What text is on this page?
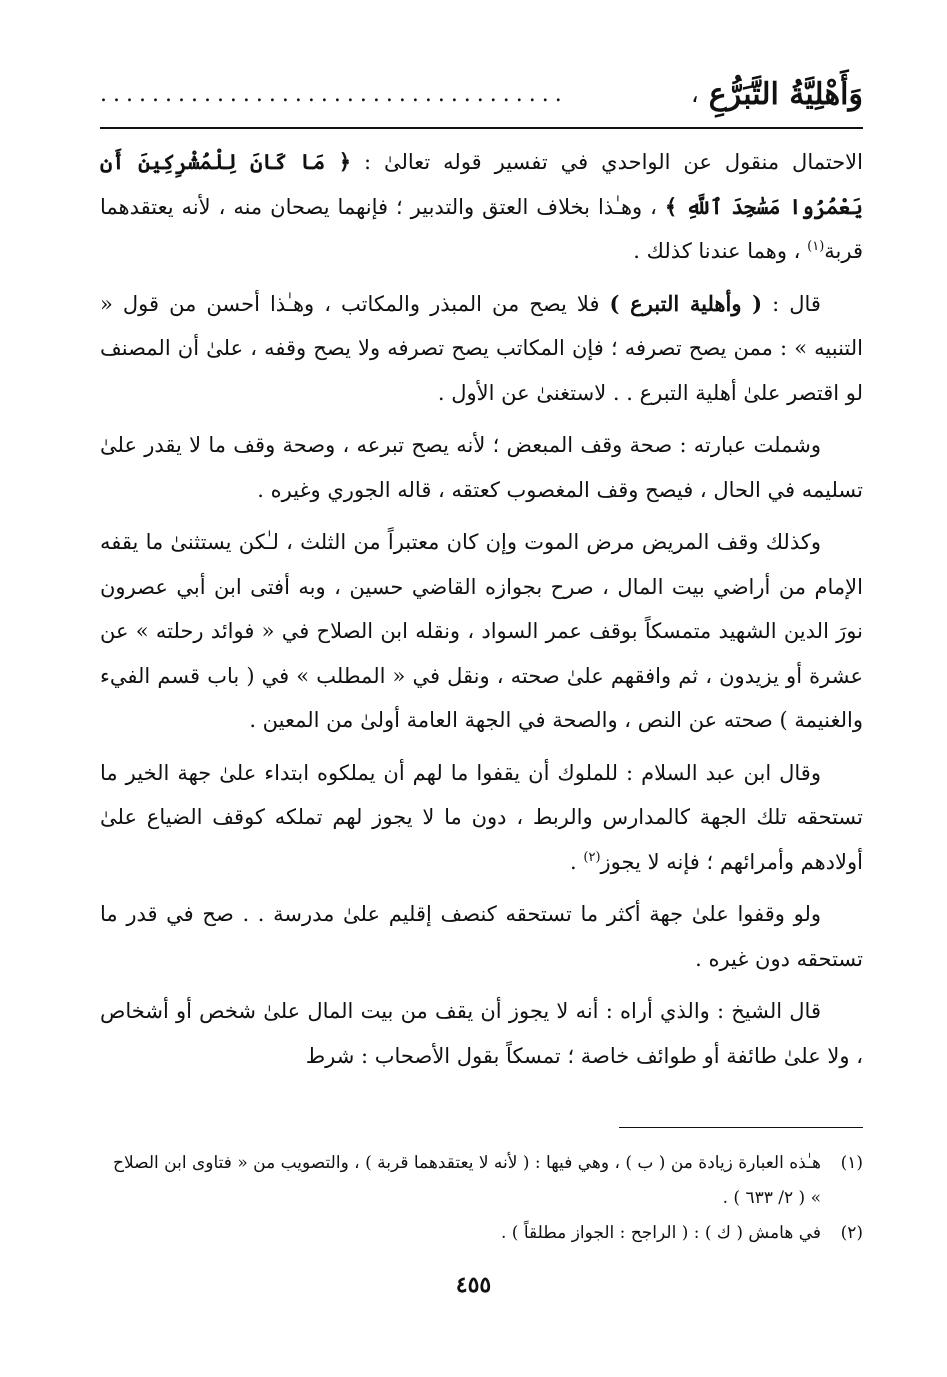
وَأَهْلِيَّةُ التَّبَرُّعِ
،
....................................

الاحتمال منقول عن الواحدي في تفسير قوله تعالىٰ : ﴿ مَا كَانَ لِلْمُشْرِكِينَ أَن يَعْمُرُوا مَسَٰجِدَ ٱللَّهِ ﴾ ، وهـٰذا بخلاف العتق والتدبير ؛ فإنهما يصحان منه ، لأنه يعتقدهما قربة$^{(١)}$ ، وهما عندنا كذلك .

قال : ( وأهلية التبرع ) فلا يصح من المبذر والمكاتب ، وهـٰذا أحسن من قول « التنبيه » : ممن يصح تصرفه ؛ فإن المكاتب يصح تصرفه ولا يصح وقفه ، علىٰ أن المصنف لو اقتصر علىٰ أهلية التبرع . . لاستغنىٰ عن الأول .

وشملت عبارته : صحة وقف المبعض ؛ لأنه يصح تبرعه ، وصحة وقف ما لا يقدر علىٰ تسليمه في الحال ، فيصح وقف المغصوب كعتقه ، قاله الجوري وغيره .

وكذلك وقف المريض مرض الموت وإن كان معتبراً من الثلث ، لـٰكن يستثنىٰ ما يقفه الإمام من أراضي بيت المال ، صرح بجوازه القاضي حسين ، وبه أفتى ابن أبي عصرون نورَ الدين الشهيد متمسكاً بوقف عمر السواد ، ونقله ابن الصلاح في « فوائد رحلته » عن عشرة أو يزيدون ، ثم وافقهم علىٰ صحته ، ونقل في « المطلب » في ( باب قسم الفيء والغنيمة ) صحته عن النص ، والصحة في الجهة العامة أولىٰ من المعين .

وقال ابن عبد السلام : للملوك أن يقفوا ما لهم أن يملكوه ابتداء علىٰ جهة الخير ما تستحقه تلك الجهة كالمدارس والربط ، دون ما لا يجوز لهم تملكه كوقف الضياع علىٰ أولادهم وأمرائهم ؛ فإنه لا يجوز$^{(٢)}$ .

ولو وقفوا علىٰ جهة أكثر ما تستحقه كنصف إقليم علىٰ مدرسة . . صح في قدر ما تستحقه دون غيره .

قال الشيخ : والذي أراه : أنه لا يجوز أن يقف من بيت المال علىٰ شخص أو أشخاص ، ولا علىٰ طائفة أو طوائف خاصة ؛ تمسكاً بقول الأصحاب : شرط

(١)
هـٰذه العبارة زيادة من ( ب ) ، وهي فيها : ( لأنه لا يعتقدهما قربة ) ، والتصويب من « فتاوى ابن الصلاح » ( ٢/ ٦٣٣ ) .
(٢)
في هامش ( ك ) : ( الراجح : الجواز مطلقاً ) .
٤٥٥
